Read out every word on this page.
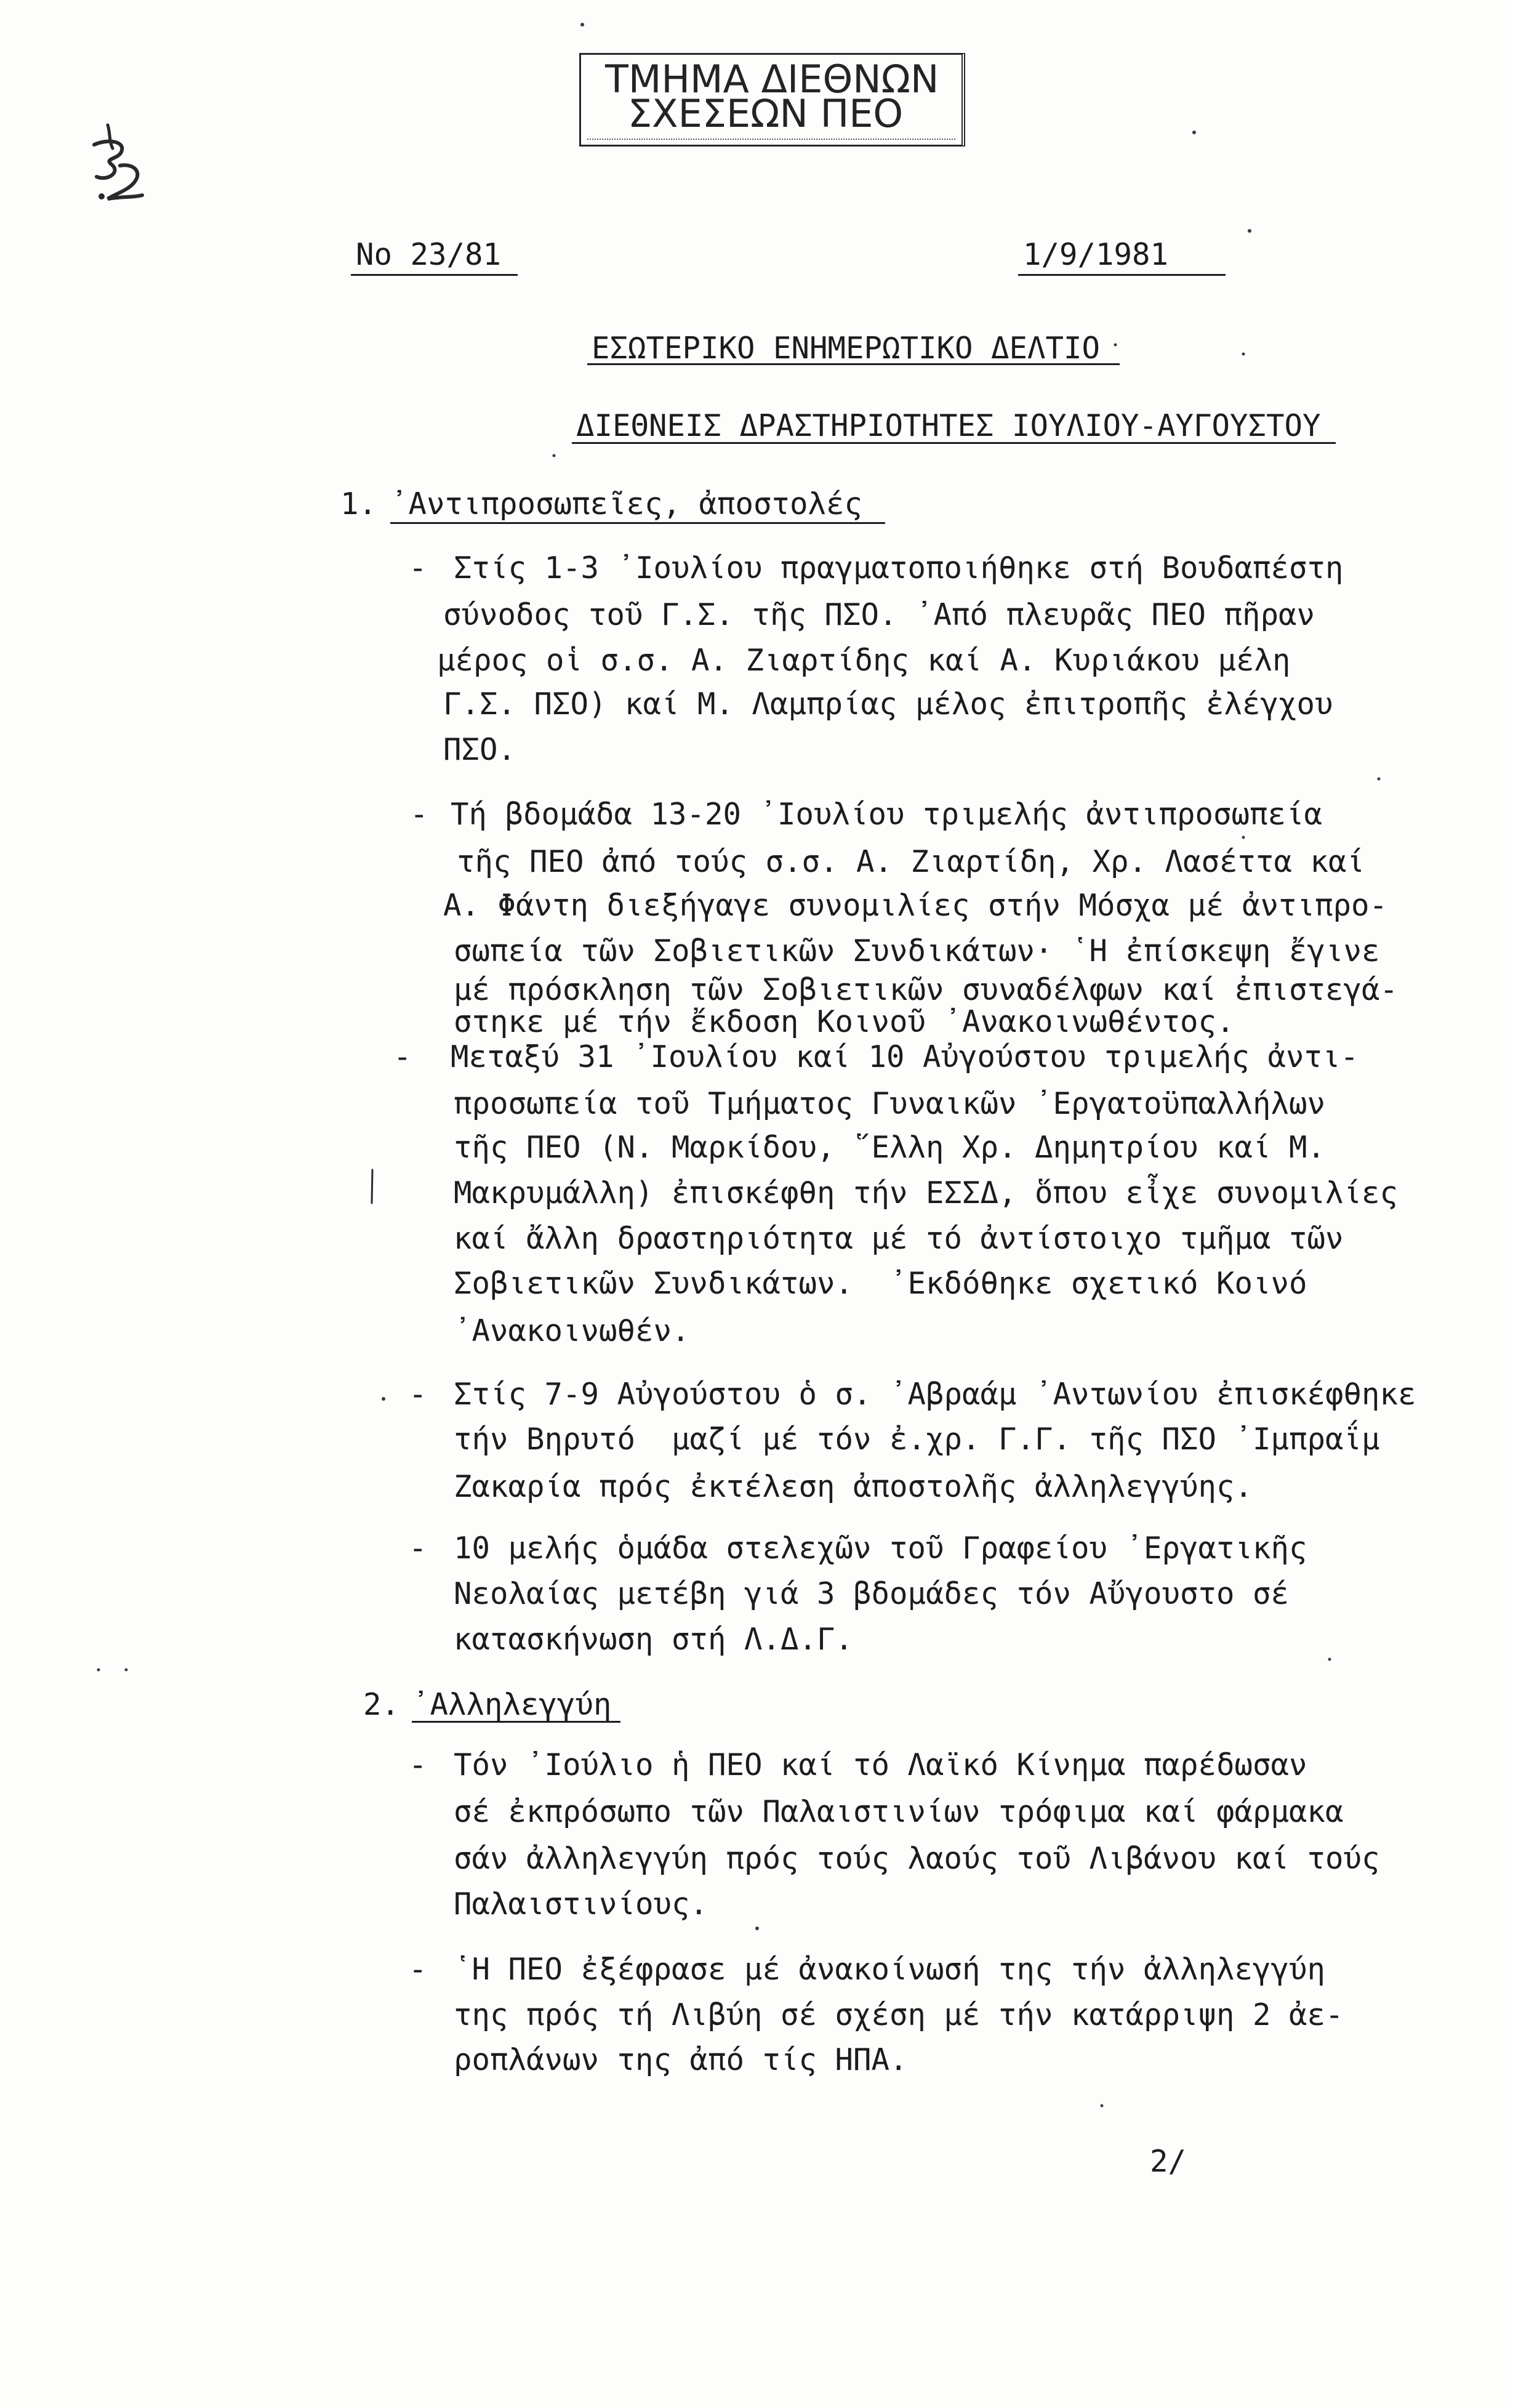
ΤΜΗΜΑ ΔΙΕΘΝΩΝ
ΣΧΕΣΕΩΝ ΠΕΟ
Νο 23/81	1/9/1981
ΕΣΩΤΕΡΙΚΟ ΕΝΗΜΕΡΩΤΙΚΟ ΔΕΛΤΙΟ
ΔΙΕΘΝΕΙΣ ΔΡΑΣΤΗΡΙΟΤΗΤΕΣ ΙΟΥΛΙΟΥ-ΑΥΓΟΥΣΤΟΥ
1. ᾿Αντιπροσωπεῖες, ἀποστολές
- Στίς 1-3 ᾿Ιουλίου πραγματοποιήθηκε στή Βουδαπέστη
σύνοδος τοῦ Γ.Σ. τῆς ΠΣΟ. ᾿Από πλευρᾶς ΠΕΟ πῆραν
μέρος οἱ σ.σ. Α. Ζιαρτίδης καί Α. Κυριάκου μέλη
Γ.Σ. ΠΣΟ) καί Μ. Λαμπρίας μέλος ἐπιτροπῆς ἐλέγχου
ΠΣΟ.
- Τή βδομάδα 13-20 ᾿Ιουλίου τριμελής ἀντιπροσωπεία
τῆς ΠΕΟ ἀπό τούς σ.σ. Α. Ζιαρτίδη, Χρ. Λασέττα καί
Α. Φάντη διεξήγαγε συνομιλίες στήν Μόσχα μέ ἀντιπρο-
σωπεία τῶν Σοβιετικῶν Συνδικάτων· ῾Η ἐπίσκεψη ἔγινε
μέ πρόσκληση τῶν Σοβιετικῶν συναδέλφων καί ἐπιστεγά-
στηκε μέ τήν ἔκδοση Κοινοῦ ᾿Ανακοινωθέντος.
- Μεταξύ 31 ᾿Ιουλίου καί 10 Αὐγούστου τριμελής ἀντι-
προσωπεία τοῦ Τμήματος Γυναικῶν ᾿Εργατοϋπαλλήλων
τῆς ΠΕΟ (Ν. Μαρκίδου, ῞Ελλη Χρ. Δημητρίου καί Μ.
Μακρυμάλλη) ἐπισκέφθη τήν ΕΣΣΔ, ὅπου εἶχε συνομιλίες
καί ἄλλη δραστηριότητα μέ τό ἀντίστοιχο τμῆμα τῶν
Σοβιετικῶν Συνδικάτων.  ᾿Εκδόθηκε σχετικό Κοινό
᾿Ανακοινωθέν.
- Στίς 7-9 Αὐγούστου ὁ σ. ᾿Αβραάμ ᾿Αντωνίου ἐπισκέφθηκε
τήν Βηρυτό  μαζί μέ τόν ἐ.χρ. Γ.Γ. τῆς ΠΣΟ ᾿Ιμπραΐμ
Ζακαρία πρός ἐκτέλεση ἀποστολῆς ἀλληλεγγύης.
- 10 μελής ὁμάδα στελεχῶν τοῦ Γραφείου ᾿Εργατικῆς
Νεολαίας μετέβη γιά 3 βδομάδες τόν Αὔγουστο σέ
κατασκήνωση στή Λ.Δ.Γ.
2. ᾿Αλληλεγγύη
- Τόν ᾿Ιούλιο ἡ ΠΕΟ καί τό Λαϊκό Κίνημα παρέδωσαν
σέ ἐκπρόσωπο τῶν Παλαιστινίων τρόφιμα καί φάρμακα
σάν ἀλληλεγγύη πρός τούς λαούς τοῦ Λιβάνου καί τούς
Παλαιστινίους.
- ῾Η ΠΕΟ ἐξέφρασε μέ ἀνακοίνωσή της τήν ἀλληλεγγύη
της πρός τή Λιβύη σέ σχέση μέ τήν κατάρριψη 2 ἀε-
ροπλάνων της ἀπό τίς ΗΠΑ.
2/
